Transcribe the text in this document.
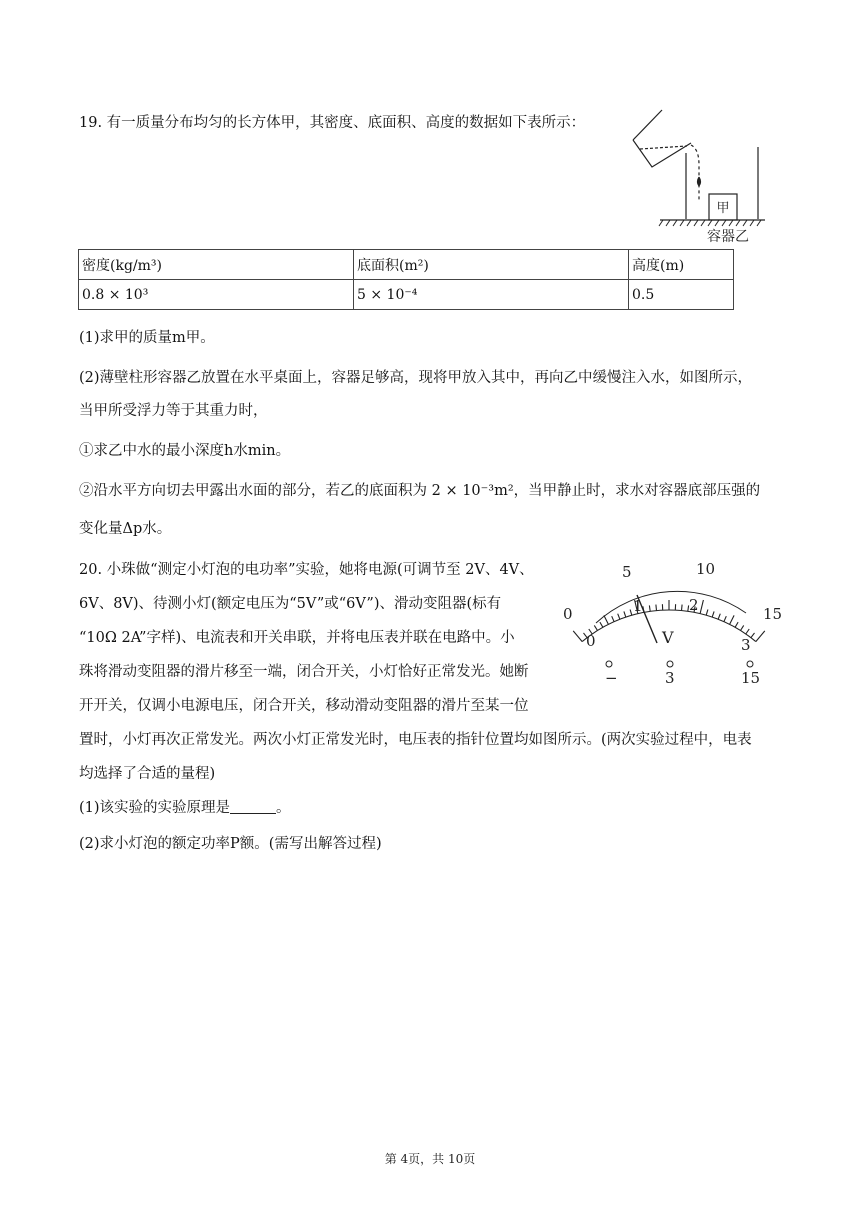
19. 有一质量分布均匀的长方体甲，其密度、底面积、高度的数据如下表所示：
甲
容器乙
密度(kg/m³)	底面积(m²)	高度(m)
0.8 × 10³	5 × 10⁻⁴	0.5
(1)求甲的质量m甲。
(2)薄壁柱形容器乙放置在水平桌面上，容器足够高，现将甲放入其中，再向乙中缓慢注入水，如图所示，
当甲所受浮力等于其重力时，
①求乙中水的最小深度h水min。
②沿水平方向切去甲露出水面的部分，若乙的底面积为 2 × 10⁻³m²，当甲静止时，求水对容器底部压强的
变化量Δp水。
20. 小珠做“测定小灯泡的电功率”实验，她将电源(可调节至 2V、4V、
6V、8V)、待测小灯(额定电压为“5V”或“6V”)、滑动变阻器(标有
“10Ω 2A”字样)、电流表和开关串联，并将电压表并联在电路中。小
珠将滑动变阻器的滑片移至一端，闭合开关，小灯恰好正常发光。她断
开开关，仅调小电源电压，闭合开关，移动滑动变阻器的滑片至某一位
置时，小灯再次正常发光。两次小灯正常发光时，电压表的指针位置均如图所示。(两次实验过程中，电表
均选择了合适的量程)
(1)该实验的实验原理是	。
(2)求小灯泡的额定功率P额。(需写出解答过程)
0
5	10
15
0
1	2
3
V
−	3	15
第 4页，共 10页
